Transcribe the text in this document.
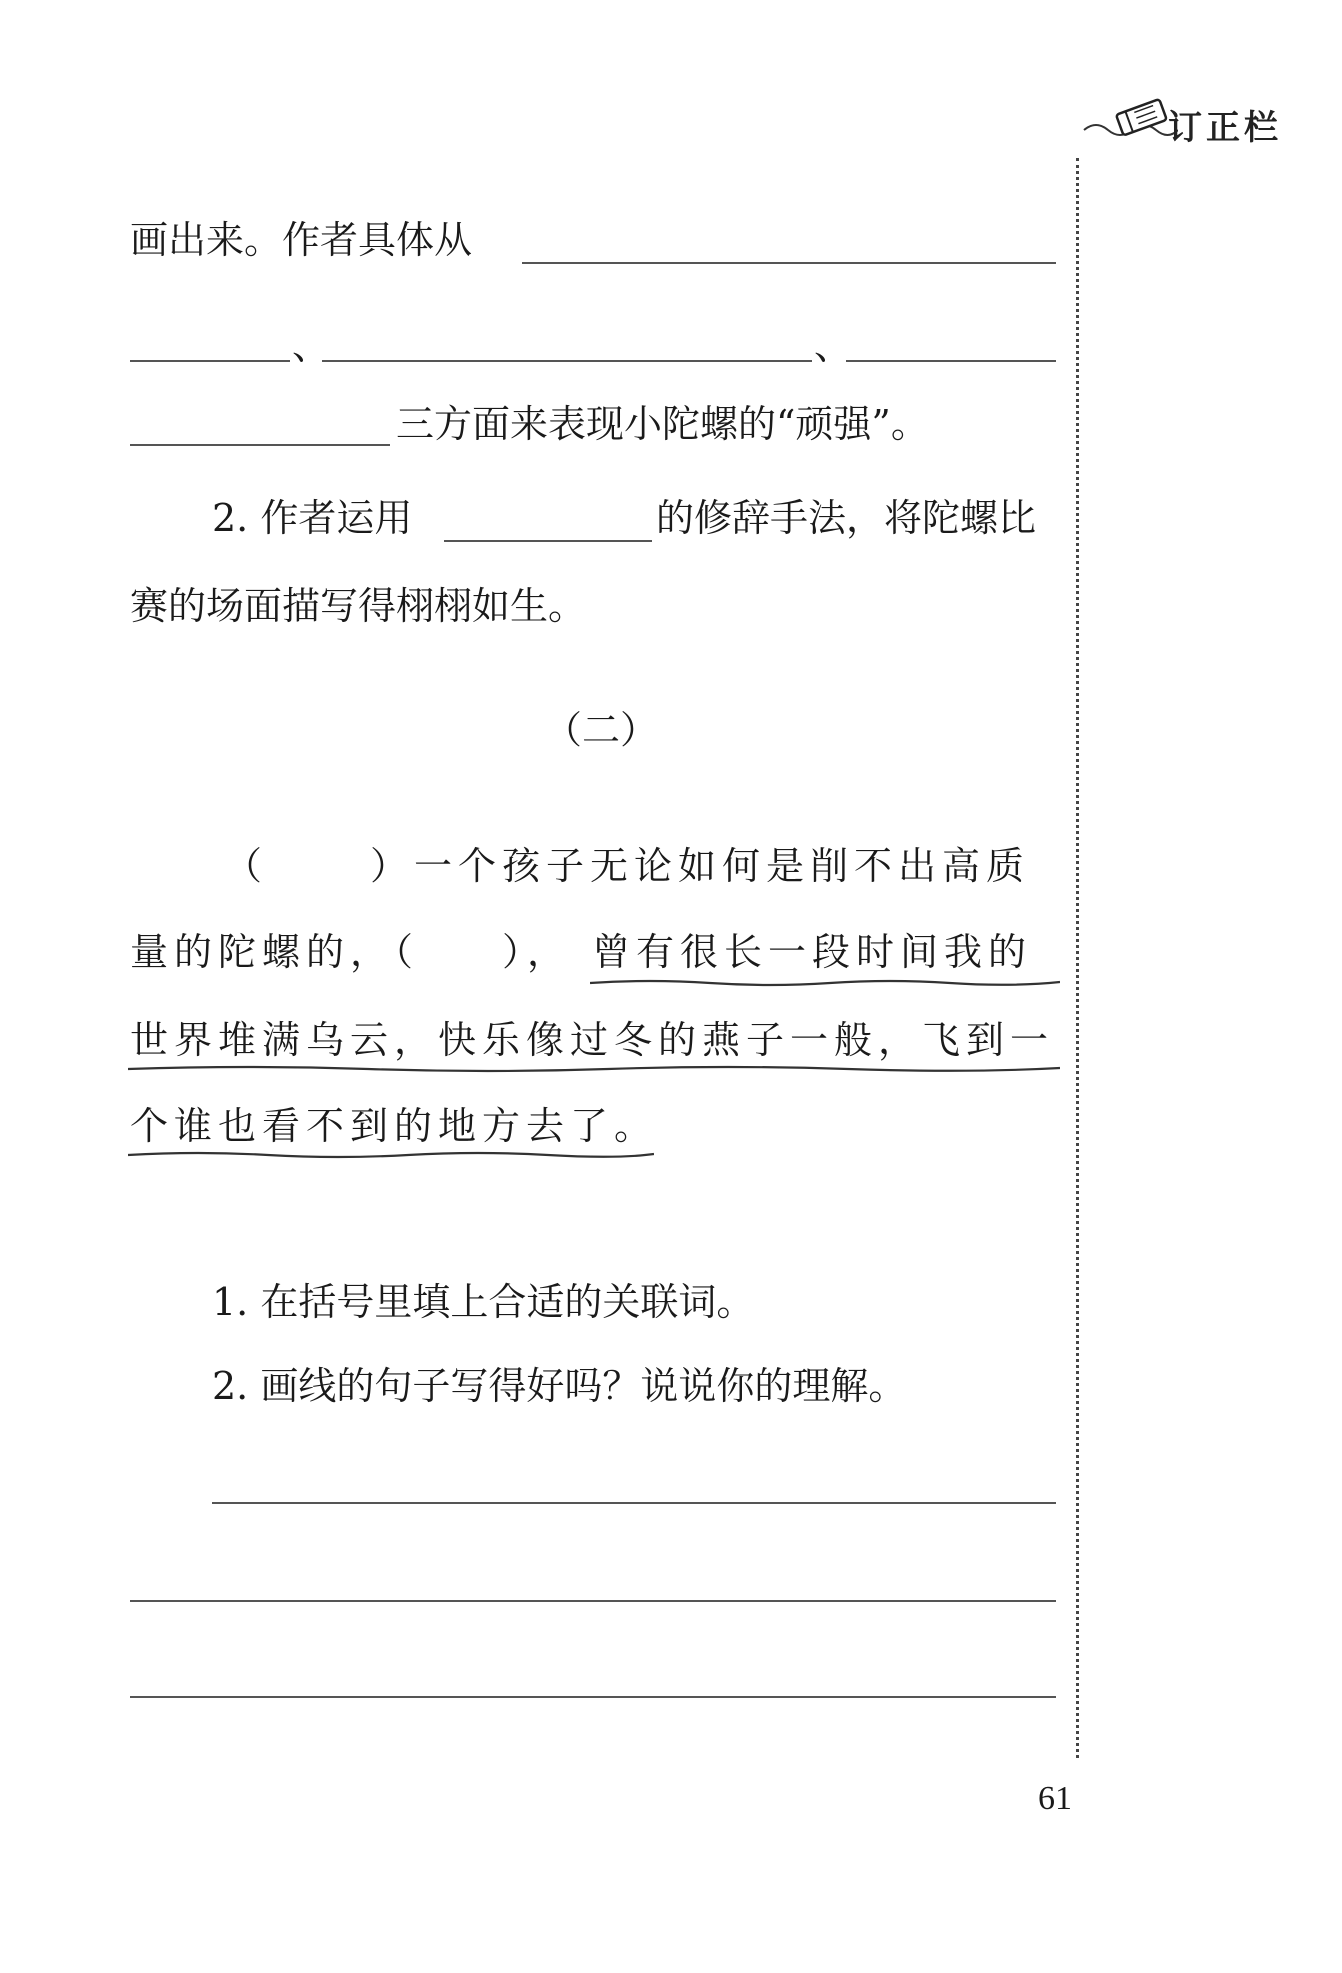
订正栏
画出来。作者具体从
、	、
三方面来表现小陀螺的“顽强”。
2. 作者运用	的修辞手法，将陀螺比
赛的场面描写得栩栩如生。
（二）
（	）一个孩子无论如何是削不出高质
量的陀螺的，（ ）， 曾有很长一段时间我的
世界堆满乌云，快乐像过冬的燕子一般，飞到一
个谁也看不到的地方去了。
1. 在括号里填上合适的关联词。
2. 画线的句子写得好吗？说说你的理解。
61
